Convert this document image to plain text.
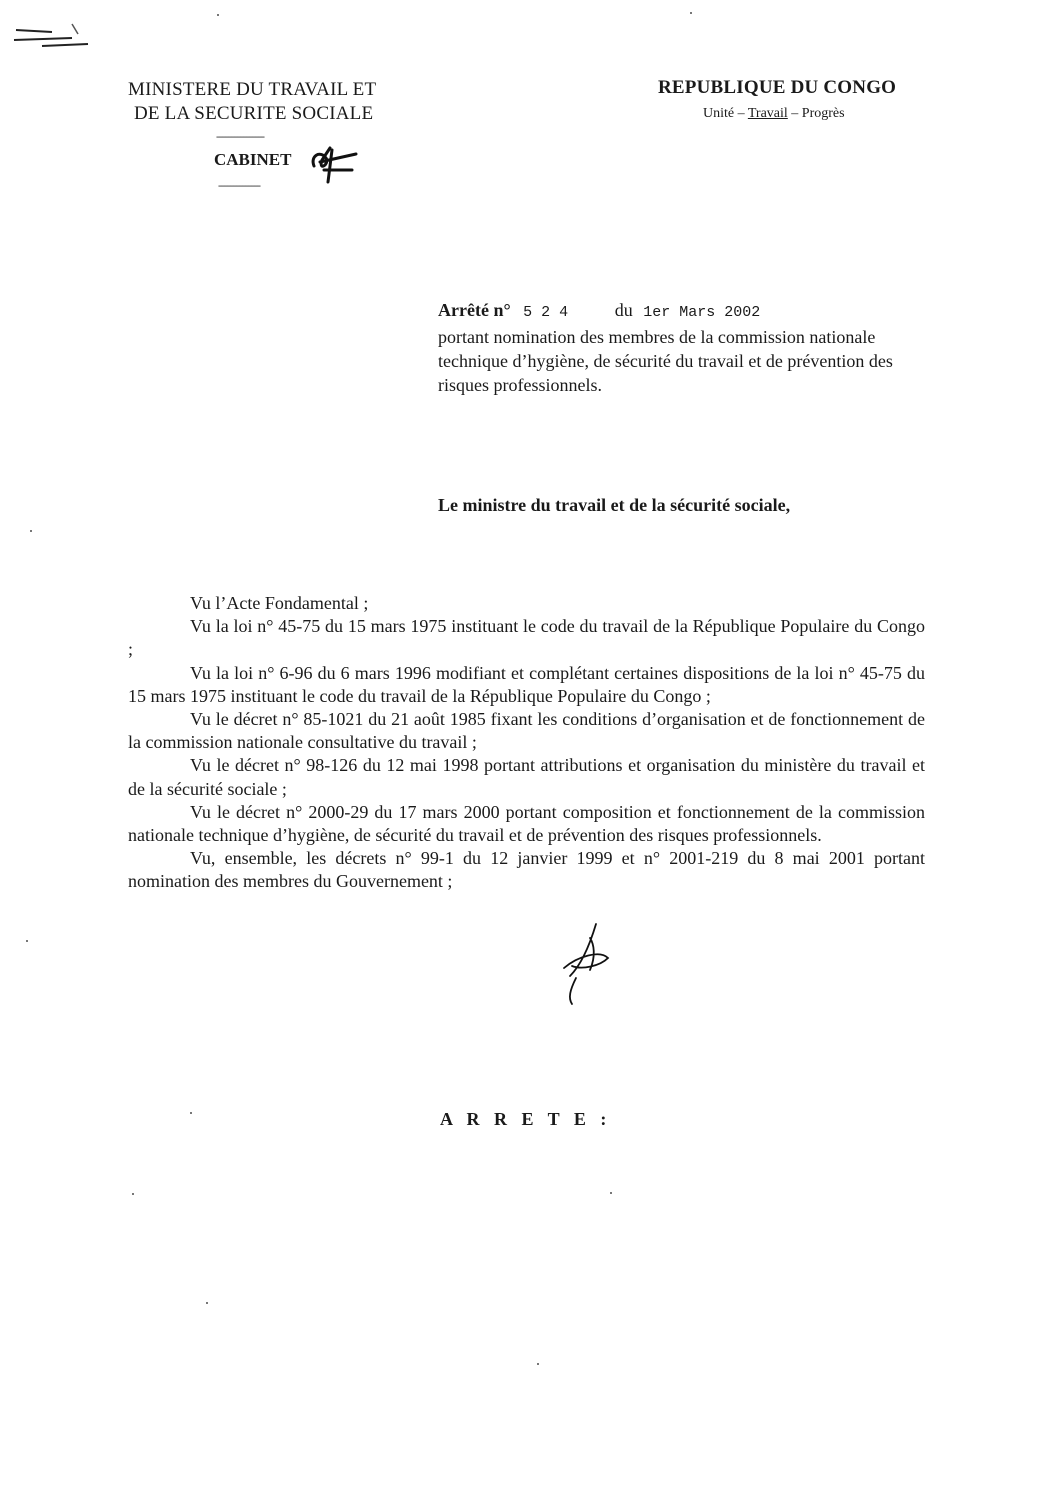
MINISTERE DU TRAVAIL ET
DE LA SECURITE SOCIALE
----------------
CABINET
--------------
REPUBLIQUE DU CONGO
Unité – Travail – Progrès
Arrêté n° 5 2 4	du 1er Mars 2002
portant nomination des membres de la commission nationale technique d’hygiène, de sécurité du travail et de prévention des risques professionnels.
Le ministre du travail et de la sécurité sociale,

Vu l’Acte Fondamental ;

Vu la loi n° 45-75 du 15 mars 1975 instituant le code du travail de la République Populaire du Congo ;

Vu la loi n° 6-96 du 6 mars 1996 modifiant et complétant certaines dispositions de la loi n° 45-75 du 15 mars 1975 instituant le code du travail de la République Populaire du Congo ;

Vu le décret n° 85-1021 du 21 août 1985 fixant les conditions d’organisation et de fonctionnement de la commission nationale consultative du travail ;

Vu le décret n° 98-126 du 12 mai 1998 portant attributions et organisation du ministère du travail et de la sécurité sociale ;

Vu le décret n° 2000-29 du 17 mars 2000 portant composition et fonctionnement de la commission nationale technique d’hygiène, de sécurité du travail et de prévention des risques professionnels.

Vu, ensemble, les décrets n° 99-1 du 12 janvier 1999 et n° 2001-219 du 8 mai 2001 portant nomination des membres du Gouvernement ;

A R R E T E :
